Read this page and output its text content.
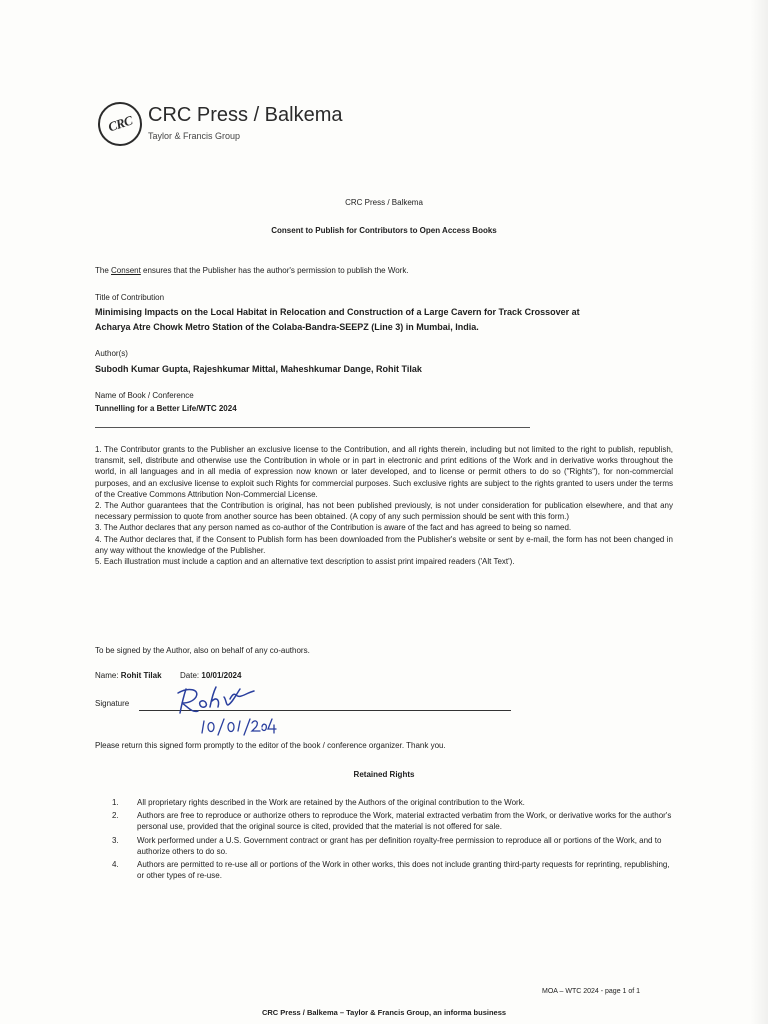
CRC CRC Press / Balkema
Taylor & Francis Group
CRC Press / Balkema
Consent to Publish for Contributors to Open Access Books
The Consent ensures that the Publisher has the author's permission to publish the Work.
Title of Contribution
Minimising Impacts on the Local Habitat in Relocation and Construction of a Large Cavern for Track Crossover at
Acharya Atre Chowk Metro Station of the Colaba-Bandra-SEEPZ (Line 3) in Mumbai, India.
Author(s)
Subodh Kumar Gupta, Rajeshkumar Mittal, Maheshkumar Dange, Rohit Tilak
Name of Book / Conference
Tunnelling for a Better Life/WTC 2024

1. The Contributor grants to the Publisher an exclusive license to the Contribution, and all rights therein, including but not limited to the right to publish, republish, transmit, sell, distribute and otherwise use the Contribution in whole or in part in electronic and print editions of the Work and in derivative works throughout the world, in all languages and in all media of expression now known or later developed, and to license or permit others to do so ("Rights"), for non-commercial purposes, and an exclusive license to exploit such Rights for commercial purposes. Such exclusive rights are subject to the rights granted to users under the terms of the Creative Commons Attribution Non-Commercial License.

2. The Author guarantees that the Contribution is original, has not been published previously, is not under consideration for publication elsewhere, and that any necessary permission to quote from another source has been obtained. (A copy of any such permission should be sent with this form.)

3. The Author declares that any person named as co-author of the Contribution is aware of the fact and has agreed to being so named.

4. The Author declares that, if the Consent to Publish form has been downloaded from the Publisher's website or sent by e-mail, the form has not been changed in any way without the knowledge of the Publisher.

5. Each illustration must include a caption and an alternative text description to assist print impaired readers ('Alt Text').

To be signed by the Author, also on behalf of any co-authors.
Name: Rohit Tilak Date: 10/01/2024
Signature
Please return this signed form promptly to the editor of the book / conference organizer. Thank you.
Retained Rights
1. All proprietary rights described in the Work are retained by the Authors of the original contribution to the Work.
2. Authors are free to reproduce or authorize others to reproduce the Work, material extracted verbatim from the Work, or derivative works for the author's personal use, provided that the original source is cited, provided that the material is not offered for sale.
3. Work performed under a U.S. Government contract or grant has per definition royalty-free permission to reproduce all or portions of the Work, and to authorize others to do so.
4. Authors are permitted to re-use all or portions of the Work in other works, this does not include granting third-party requests for reprinting, republishing, or other types of re-use.
MOA – WTC 2024 - page 1 of 1
CRC Press / Balkema – Taylor & Francis Group, an informa business
